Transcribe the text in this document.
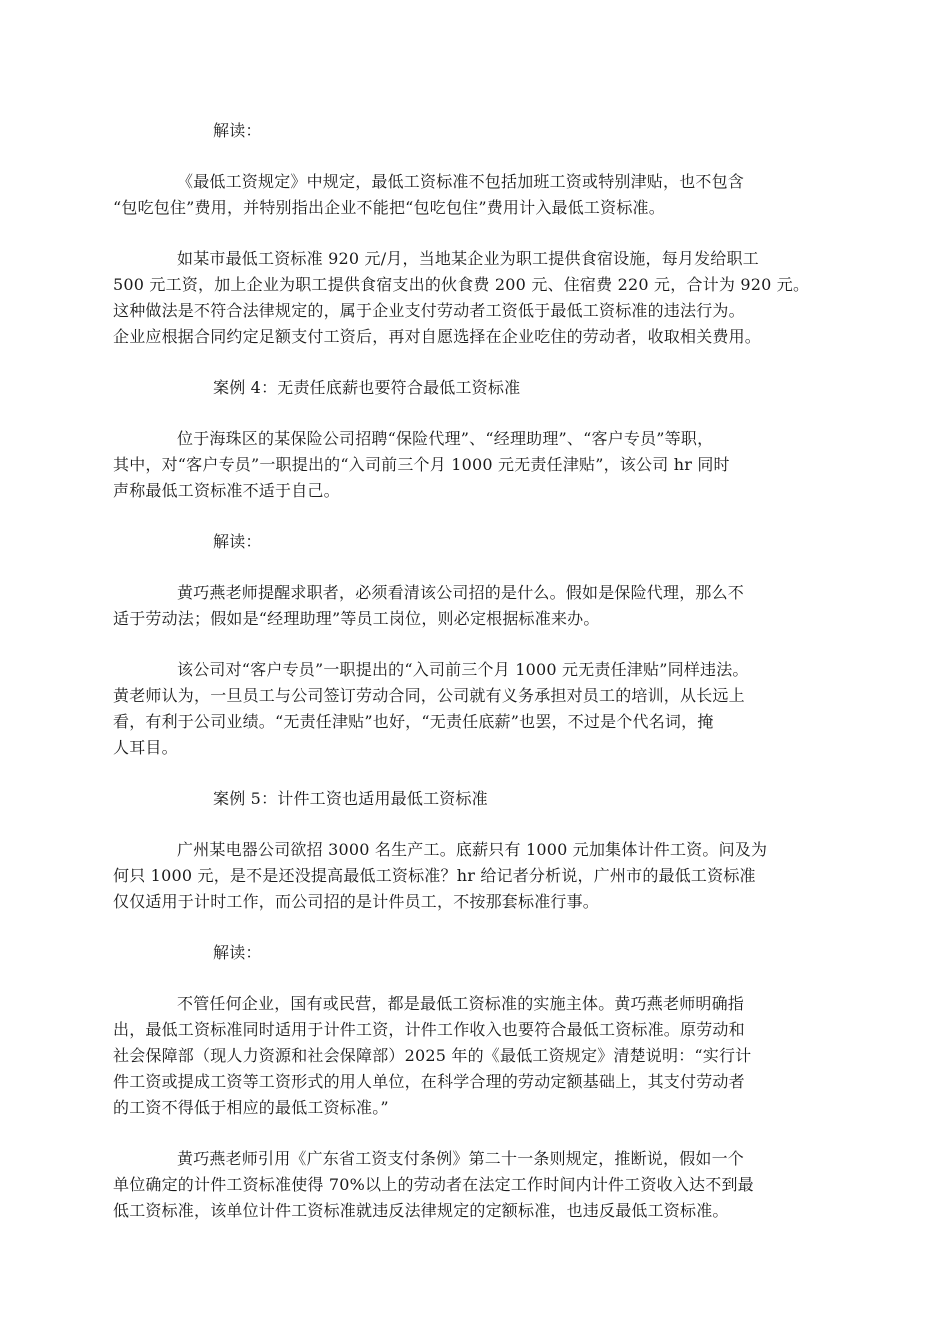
解读：

《最低工资规定》中规定，最低工资标准不包括加班工资或特别津贴，也不包含
“包吃包住”费用，并特别指出企业不能把“包吃包住”费用计入最低工资标准。

如某市最低工资标准 920 元/月，当地某企业为职工提供食宿设施，每月发给职工
500 元工资，加上企业为职工提供食宿支出的伙食费 200 元、住宿费 220 元，合计为 920 元。
这种做法是不符合法律规定的，属于企业支付劳动者工资低于最低工资标准的违法行为。
企业应根据合同约定足额支付工资后，再对自愿选择在企业吃住的劳动者，收取相关费用。

案例 4：无责任底薪也要符合最低工资标准

位于海珠区的某保险公司招聘“保险代理”、“经理助理”、“客户专员”等职，
其中，对“客户专员”一职提出的“入司前三个月 1000 元无责任津贴”，该公司 hr 同时
声称最低工资标准不适于自己。

解读：

黄巧燕老师提醒求职者，必须看清该公司招的是什么。假如是保险代理，那么不
适于劳动法；假如是“经理助理”等员工岗位，则必定根据标准来办。

该公司对“客户专员”一职提出的“入司前三个月 1000 元无责任津贴”同样违法。
黄老师认为，一旦员工与公司签订劳动合同，公司就有义务承担对员工的培训，从长远上
看，有利于公司业绩。“无责任津贴”也好，“无责任底薪”也罢，不过是个代名词，掩
人耳目。

案例 5：计件工资也适用最低工资标准

广州某电器公司欲招 3000 名生产工。底薪只有 1000 元加集体计件工资。问及为
何只 1000 元，是不是还没提高最低工资标准？hr 给记者分析说，广州市的最低工资标准
仅仅适用于计时工作，而公司招的是计件员工，不按那套标准行事。

解读：

不管任何企业，国有或民营，都是最低工资标准的实施主体。黄巧燕老师明确指
出，最低工资标准同时适用于计件工资，计件工作收入也要符合最低工资标准。原劳动和
社会保障部（现人力资源和社会保障部）2025 年的《最低工资规定》清楚说明：“实行计
件工资或提成工资等工资形式的用人单位，在科学合理的劳动定额基础上，其支付劳动者
的工资不得低于相应的最低工资标准。”

黄巧燕老师引用《广东省工资支付条例》第二十一条则规定，推断说，假如一个
单位确定的计件工资标准使得 70%以上的劳动者在法定工作时间内计件工资收入达不到最
低工资标准，该单位计件工资标准就违反法律规定的定额标准，也违反最低工资标准。
